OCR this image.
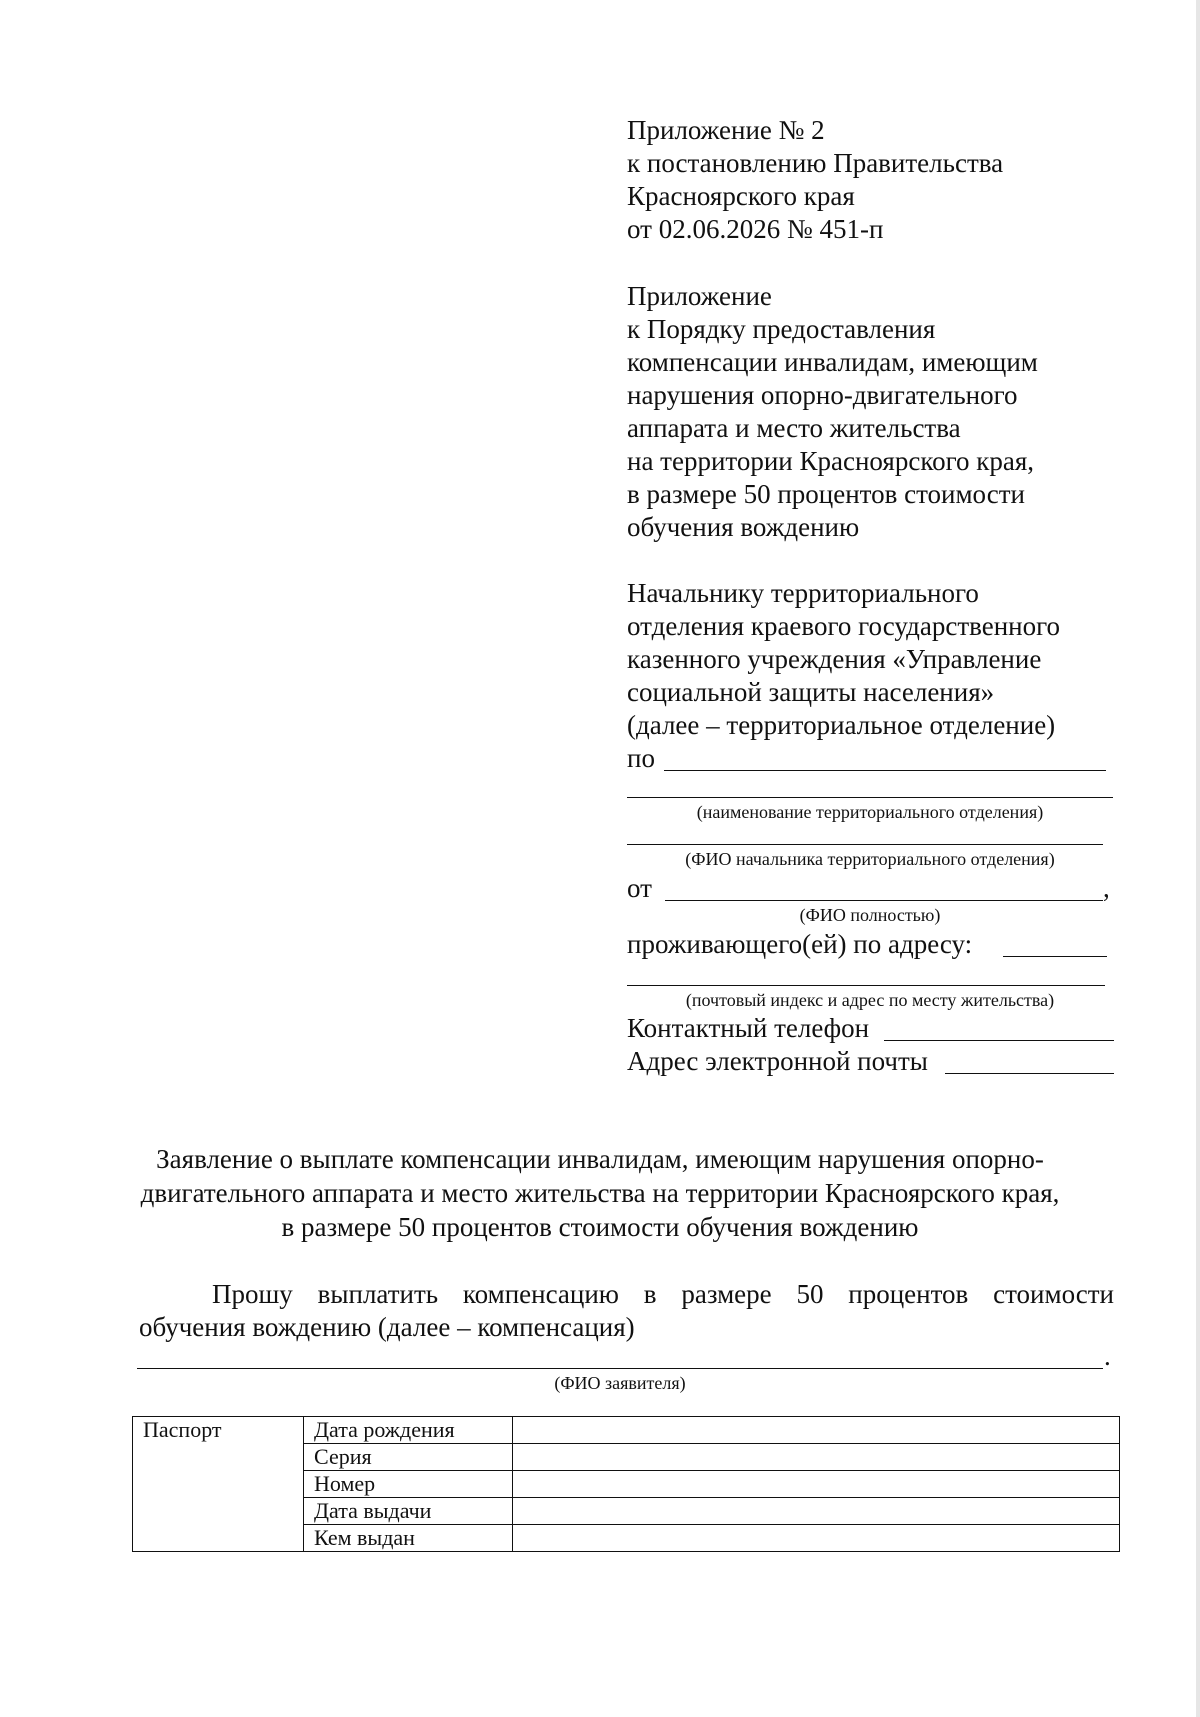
Приложение № 2

к постановлению Правительства

Красноярского края

от 02.06.2026 № 451-п

Приложение

к Порядку предоставления

компенсации инвалидам, имеющим

нарушения опорно-двигательного

аппарата и место жительства

на территории Красноярского края,

в размере 50 процентов стоимости

обучения вождению

Начальнику территориального

отделения краевого государственного

казенного учреждения «Управление

социальной защиты населения»

(далее – территориальное отделение)

по

(наименование территориального отделения)

(ФИО начальника территориального отделения)

от	,

(ФИО полностью)

проживающего(ей) по адресу:

(почтовый индекс и адрес по месту жительства)

Контактный телефон

Адрес электронной почты

Заявление о выплате компенсации инвалидам, имеющим нарушения опорно-

двигательного аппарата и место жительства на территории Красноярского края,

в размере 50 процентов стоимости обучения вождению

Прошу выплатить компенсацию в размере 50 процентов стоимости

обучения вождению (далее – компенсация)

.

(ФИО заявителя)

Паспорт	Дата рождения	
	Серия	
	Номер	
	Дата выдачи	
	Кем выдан	
